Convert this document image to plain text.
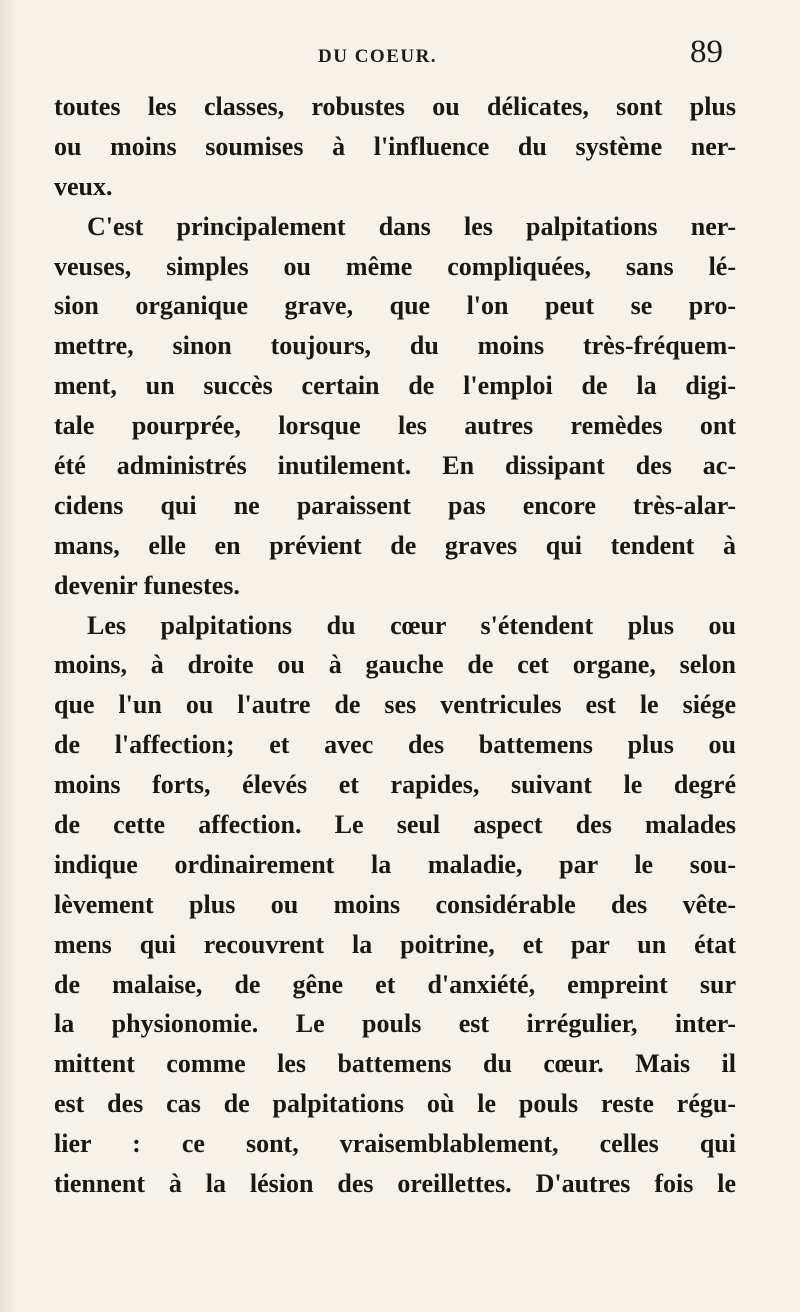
DU COEUR.	89
toutes les classes, robustes ou délicates, sont plus
ou moins soumises à l'influence du système ner-
veux.
C'est principalement dans les palpitations ner-
veuses, simples ou même compliquées, sans lé-
sion organique grave, que l'on peut se pro-
mettre, sinon toujours, du moins très-fréquem-
ment, un succès certain de l'emploi de la digi-
tale pourprée, lorsque les autres remèdes ont
été administrés inutilement. En dissipant des ac-
cidens qui ne paraissent pas encore très-alar-
mans, elle en prévient de graves qui tendent à
devenir funestes.
Les palpitations du cœur s'étendent plus ou
moins, à droite ou à gauche de cet organe, selon
que l'un ou l'autre de ses ventricules est le siége
de l'affection; et avec des battemens plus ou
moins forts, élevés et rapides, suivant le degré
de cette affection. Le seul aspect des malades
indique ordinairement la maladie, par le sou-
lèvement plus ou moins considérable des vête-
mens qui recouvrent la poitrine, et par un état
de malaise, de gêne et d'anxiété, empreint sur
la physionomie. Le pouls est irrégulier, inter-
mittent comme les battemens du cœur. Mais il
est des cas de palpitations où le pouls reste régu-
lier : ce sont, vraisemblablement, celles qui
tiennent à la lésion des oreillettes. D'autres fois le
